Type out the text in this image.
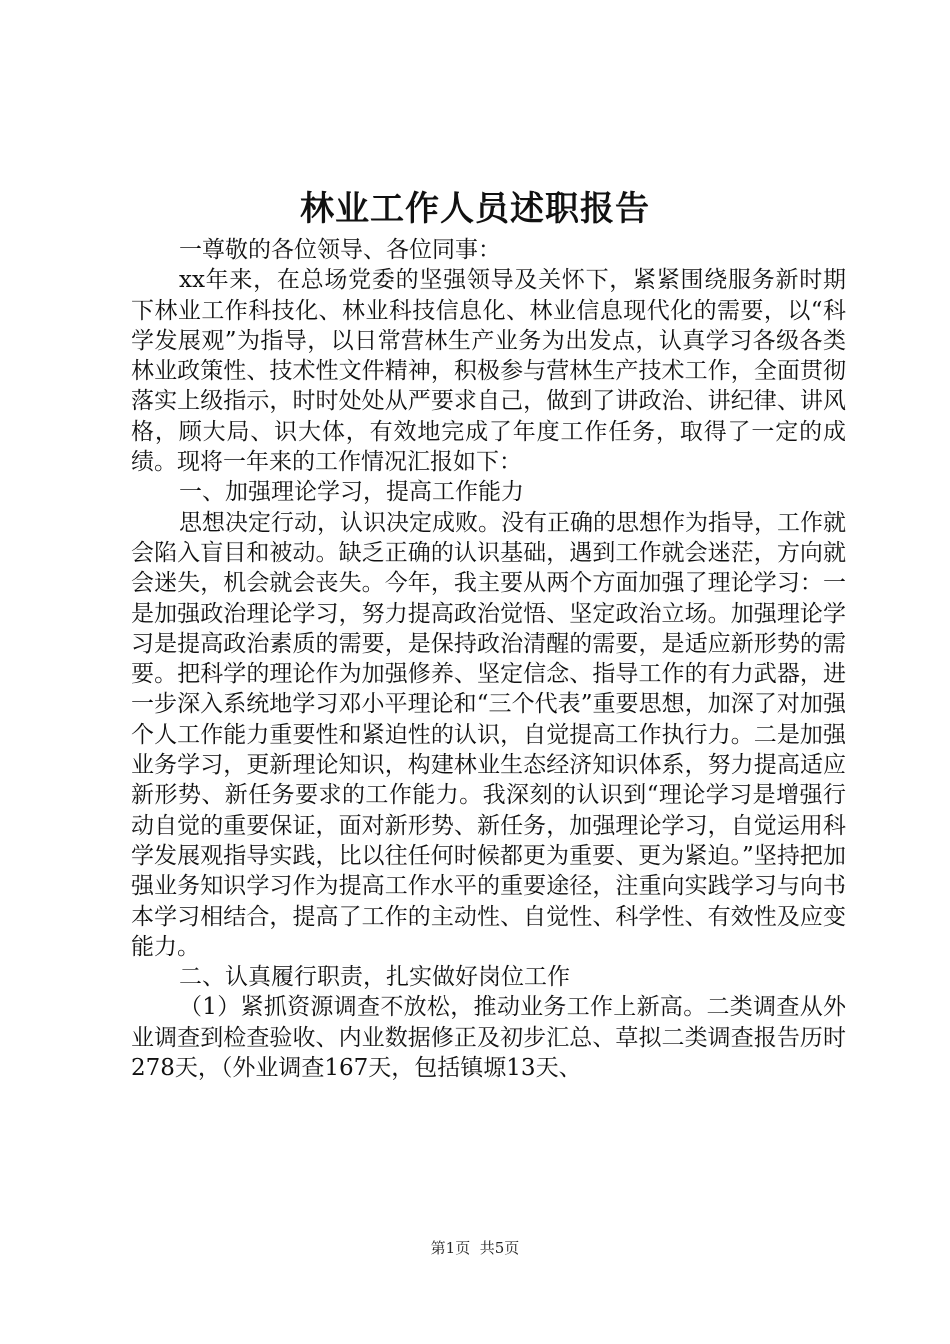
林业工作人员述职报告

一尊敬的各位领导、各位同事：

xx年来，在总场党委的坚强领导及关怀下，紧紧围绕服务新时期下林业工作科技化、林业科技信息化、林业信息现代化的需要，以“科学发展观”为指导，以日常营林生产业务为出发点，认真学习各级各类林业政策性、技术性文件精神，积极参与营林生产技术工作，全面贯彻落实上级指示，时时处处从严要求自己，做到了讲政治、讲纪律、讲风格，顾大局、识大体，有效地完成了年度工作任务，取得了一定的成绩。现将一年来的工作情况汇报如下：

一、加强理论学习，提高工作能力

思想决定行动，认识决定成败。没有正确的思想作为指导，工作就会陷入盲目和被动。缺乏正确的认识基础，遇到工作就会迷茫，方向就会迷失，机会就会丧失。今年，我主要从两个方面加强了理论学习：一是加强政治理论学习，努力提高政治觉悟、坚定政治立场。加强理论学习是提高政治素质的需要，是保持政治清醒的需要，是适应新形势的需要。把科学的理论作为加强修养、坚定信念、指导工作的有力武器，进一步深入系统地学习邓小平理论和“三个代表”重要思想，加深了对加强个人工作能力重要性和紧迫性的认识，自觉提高工作执行力。二是加强业务学习，更新理论知识，构建林业生态经济知识体系，努力提高适应新形势、新任务要求的工作能力。我深刻的认识到“理论学习是增强行动自觉的重要保证，面对新形势、新任务，加强理论学习，自觉运用科学发展观指导实践，比以往任何时候都更为重要、更为紧迫。”坚持把加强业务知识学习作为提高工作水平的重要途径，注重向实践学习与向书本学习相结合，提高了工作的主动性、自觉性、科学性、有效性及应变能力。

二、认真履行职责，扎实做好岗位工作

（1）紧抓资源调查不放松，推动业务工作上新高。二类调查从外业调查到检查验收、内业数据修正及初步汇总、草拟二类调查报告历时278天，（外业调查167天，包括镇塬13天、

第1页 共5页
